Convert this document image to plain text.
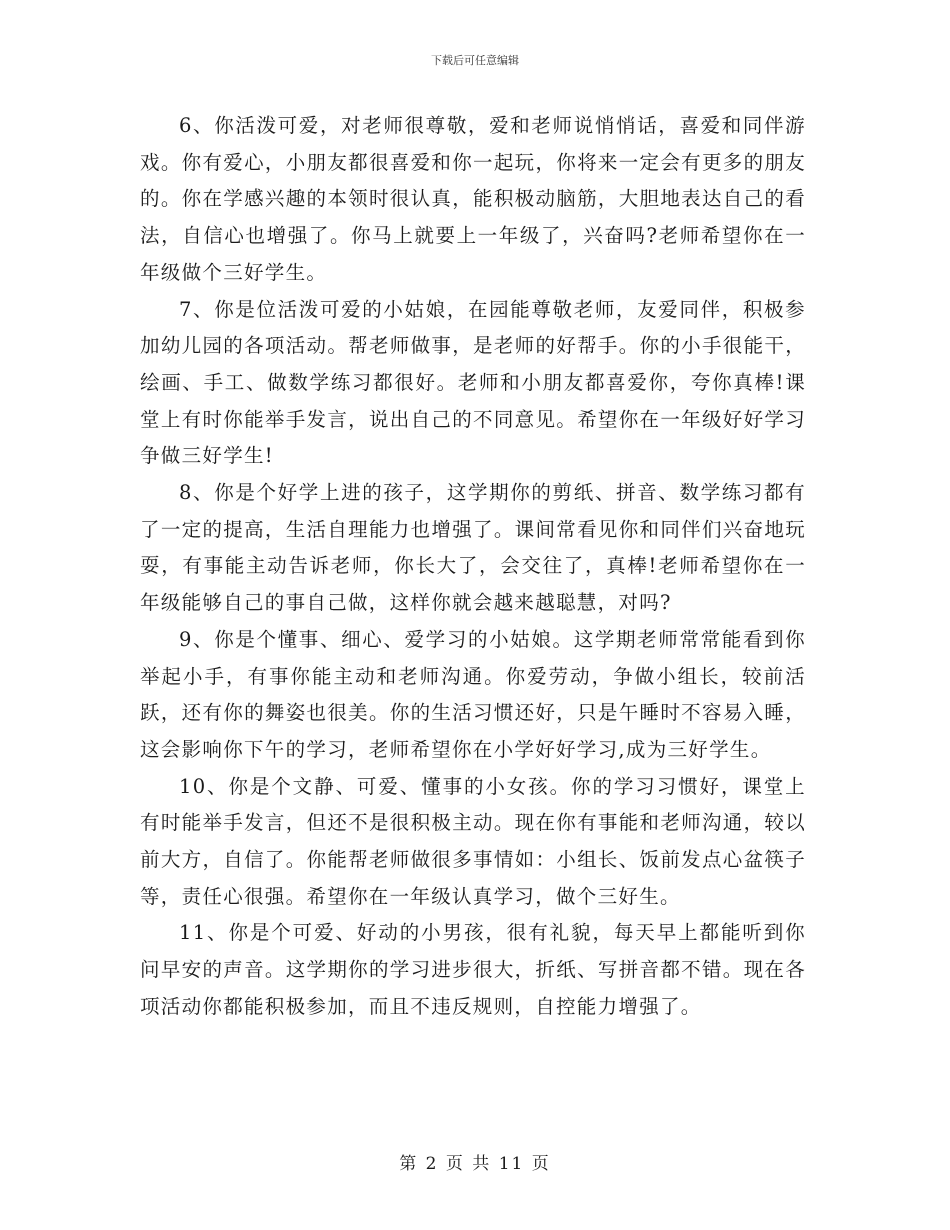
下载后可任意编辑

6、你活泼可爱，对老师很尊敬，爱和老师说悄悄话，喜爱和同伴游戏。你有爱心，小朋友都很喜爱和你一起玩，你将来一定会有更多的朋友的。你在学感兴趣的本领时很认真，能积极动脑筋，大胆地表达自己的看法，自信心也增强了。你马上就要上一年级了，兴奋吗?老师希望你在一年级做个三好学生。

7、你是位活泼可爱的小姑娘，在园能尊敬老师，友爱同伴，积极参加幼儿园的各项活动。帮老师做事，是老师的好帮手。你的小手很能干，绘画、手工、做数学练习都很好。老师和小朋友都喜爱你，夸你真棒!课堂上有时你能举手发言，说出自己的不同意见。希望你在一年级好好学习争做三好学生!

8、你是个好学上进的孩子，这学期你的剪纸、拼音、数学练习都有了一定的提高，生活自理能力也增强了。课间常看见你和同伴们兴奋地玩耍，有事能主动告诉老师，你长大了，会交往了，真棒!老师希望你在一年级能够自己的事自己做，这样你就会越来越聪慧，对吗?

9、你是个懂事、细心、爱学习的小姑娘。这学期老师常常能看到你举起小手，有事你能主动和老师沟通。你爱劳动，争做小组长，较前活跃，还有你的舞姿也很美。你的生活习惯还好，只是午睡时不容易入睡，这会影响你下午的学习，老师希望你在小学好好学习,成为三好学生。

10、你是个文静、可爱、懂事的小女孩。你的学习习惯好，课堂上有时能举手发言，但还不是很积极主动。现在你有事能和老师沟通，较以前大方，自信了。你能帮老师做很多事情如：小组长、饭前发点心盆筷子等，责任心很强。希望你在一年级认真学习，做个三好生。

11、你是个可爱、好动的小男孩，很有礼貌，每天早上都能听到你问早安的声音。这学期你的学习进步很大，折纸、写拼音都不错。现在各项活动你都能积极参加，而且不违反规则，自控能力增强了。

第 2 页 共 11 页
